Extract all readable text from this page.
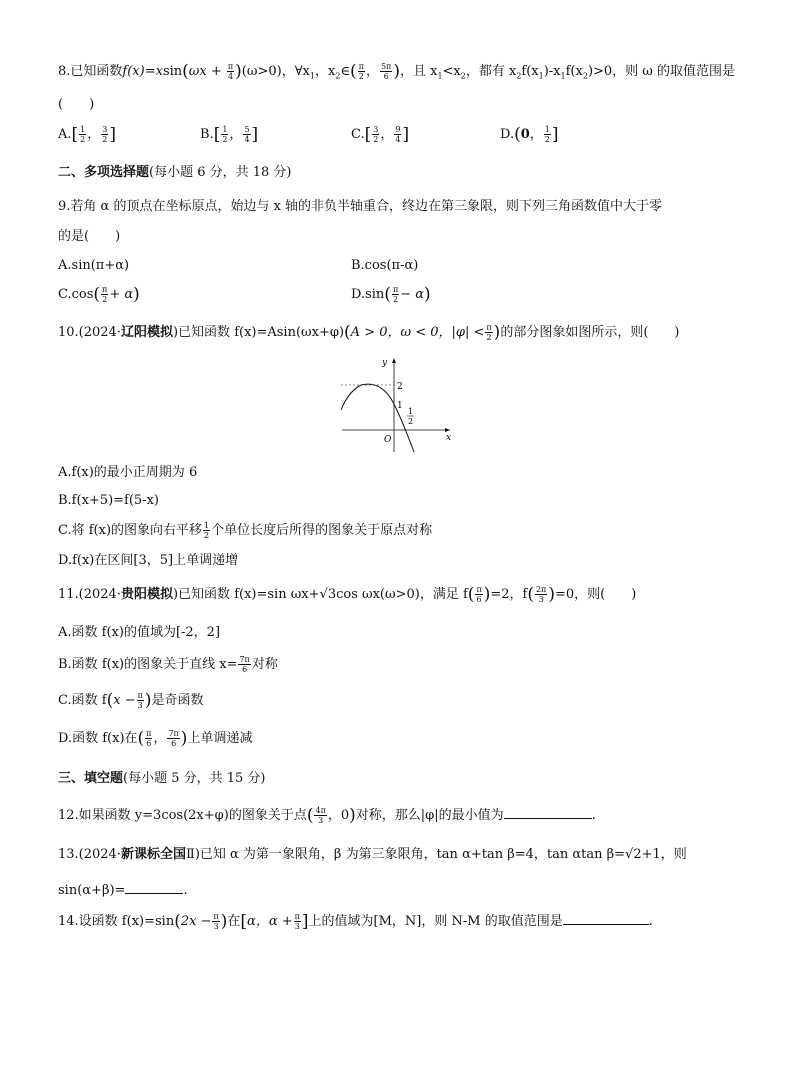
8.已知函数$f(x)=xsin(\omega x + \frac{\pi}{4} )(\omega>0)$，$\forall x_1$，$x_2\in( \frac{\pi}{2}$ ， $\frac{5\pi}{6}$ )，且 $x_1<x_2$，都有 $x_2f(x_1)-x_1f(x_2)>0$，则 ω 的取值范围是
(　　)
$A.[ \frac{1}{2}$ ， $\frac{3}{2}$ ]	$B.[ \frac{1}{2}$ ， $\frac{5}{4}$ ]	$C.[ \frac{3}{2}$ ， $\frac{9}{4}$ ]	D.(0， $\frac{1}{2}$ ]
二、多项选择题(每小题 6 分，共 18 分)
9.若角 α 的顶点在坐标原点，始边与 x 轴的非负半轴重合，终边在第三象限，则下列三角函数值中大于零
的是(　　)
A.sin(π+α)	B.cos(π-α)
$C.\cos( \frac{\pi}{2} + \alpha)$	$D.\sin( \frac{\pi}{2} - \alpha)$
10.(2024·辽阳模拟)已知函数 f(x)=Asin(ωx+φ)(A > 0，ω < 0，$|\varphi| < \frac{\pi}{2}$ )的部分图象如图所示，则(　　)
y
x
O
2
1
1
2
A.f(x)的最小正周期为 6
B.f(x+5)=f(5-x)
C.将 f(x)的图象向右平移 $\frac{1}{2}$ 个单位长度后所得的图象关于原点对称
D.f(x)在区间[3，5]上单调递增
11.(2024·贵阳模拟)已知函数 f(x)=sin ωx+√3cos ωx(ω>0)，满足 $f( \frac{\pi}{6} )=2$，$f( \frac{2\pi}{3} )=0$，则(　　)
A.函数 f(x)的值域为[-2，2]
B.函数 f(x)的图象关于直线 $x= \frac{7\pi}{6}$ 对称
C.函数 $f(x - \frac{\pi}{3}$ )是奇函数
D.函数 f(x)在( $\frac{\pi}{6}$ ， $\frac{7\pi}{6}$ )上单调递减
三、填空题(每小题 5 分，共 15 分)
12.如果函数 y=3cos(2x+φ)的图象关于点( $\frac{4\pi}{3}$ ，0)对称，那么|φ|的最小值为	.
13.(2024·新课标全国Ⅱ)已知 α 为第一象限角，β 为第三象限角，tan α+tan β=4，tan αtan β=√2+1，则
sin(α+β)=	.
14.设函数 $f(x)=\sin(2x - \frac{\pi}{3}$ )在[α，$\alpha + \frac{\pi}{3}$ ]上的值域为[M，N]，则 N-M 的取值范围是	.
